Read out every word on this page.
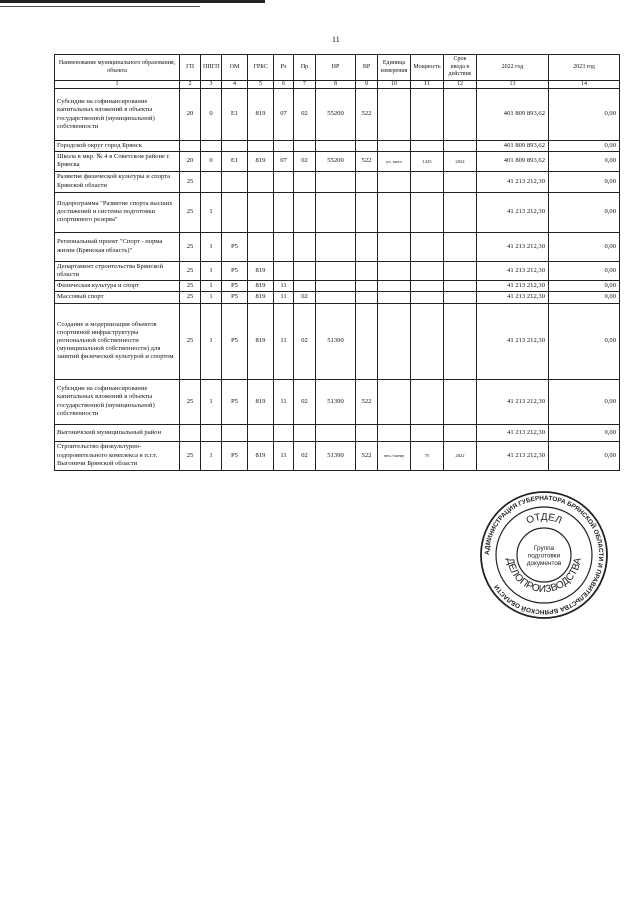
11
Наименование муниципального образования, объекта	ГП	ППГП	ОМ	ГРБС	Рз	Пр	НР	ВР	Единица измерения	Мощность	Срок ввода в действие	2022 год	2023 год
1	2	3	4	5	6	7	8	9	10	11	12	13	14
Субсидии на софинансирование капитальных вложений в объекты государственной (муниципальной) собственности	20	0	E1	819	07	02	55200	522				401 809 893,62	0,00
Городской округ город Брянск												401 809 893,62	0,00
Школа в мкр. № 4 в Советском районе г. Брянска	20	0	E1	819	07	02	55200	522	уч. мест	1225	2022	401 809 893,62	0,00
Развитие физической культуры и спорта Брянской области	25											41 213 212,30	0,00
Подпрограмма "Развитие спорта высших достижений и системы подготовки спортивного резерва"	25	1										41 213 212,30	0,00
Региональный проект "Спорт - норма жизни (Брянская область)"	25	1	P5									41 213 212,30	0,00
Департамент строительства Брянской области	25	1	P5	819								41 213 212,30	0,00
Физическая культура и спорт	25	1	P5	819	11							41 213 212,30	0,00
Массовый спорт	25	1	P5	819	11	02						41 213 212,30	0,00
Создание и модернизация объектов спортивной инфраструктуры региональной собственности (муниципальной собственности) для занятий физической культурой и спортом	25	1	P5	819	11	02	51390					41 213 212,30	0,00
Субсидии на софинансирование капитальных вложений в объекты государственной (муниципальной) собственности	25	1	P5	819	11	02	51390	522				41 213 212,30	0,00
Выгоничский муниципальный район												41 213 212,30	0,00
Строительство физкультурно-оздоровительного комплекса в п.г.т. Выгоничи Брянской области	25	1	P5	819	11	02	51390	522	чел./смену	75	2022	41 213 212,30	0,00
АДМИНИСТРАЦИЯ ГУБЕРНАТОРА БРЯНСКОЙ ОБЛАСТИ И ПРАВИТЕЛЬСТВА БРЯНСКОЙ ОБЛАСТИ
ОТДЕЛ
ДЕЛОПРОИЗВОДСТВА
Группа подготовки документов
